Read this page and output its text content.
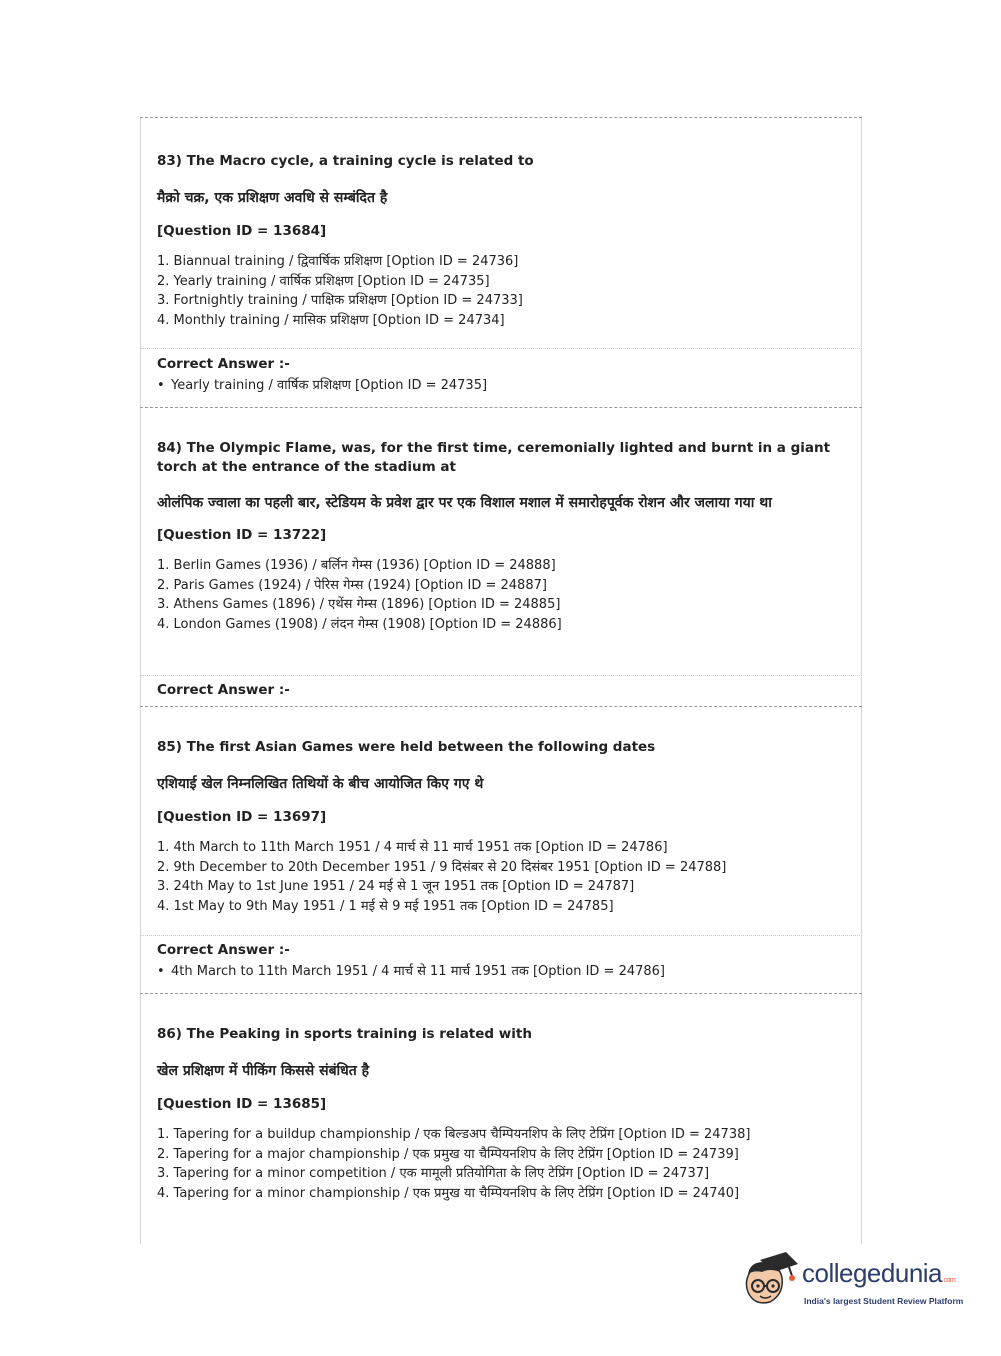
83) The Macro cycle, a training cycle is related to

मैक्रो चक्र, एक प्रशिक्षण अवधि से सम्बंदित है

[Question ID = 13684]

1. Biannual training / द्विवार्षिक प्रशिक्षण [Option ID = 24736]
2. Yearly training / वार्षिक प्रशिक्षण [Option ID = 24735]
3. Fortnightly training / पाक्षिक प्रशिक्षण [Option ID = 24733]
4. Monthly training / मासिक प्रशिक्षण [Option ID = 24734]

Correct Answer :-

• Yearly training / वार्षिक प्रशिक्षण [Option ID = 24735]

84) The Olympic Flame, was, for the first time, ceremonially lighted and burnt in a giant torch at the entrance of the stadium at

ओलंपिक ज्वाला का पहली बार, स्टेडियम के प्रवेश द्वार पर एक विशाल मशाल में समारोहपूर्वक रोशन और जलाया गया था

[Question ID = 13722]

1. Berlin Games (1936) / बर्लिन गेम्स (1936) [Option ID = 24888]
2. Paris Games (1924) / पेरिस गेम्स (1924) [Option ID = 24887]
3. Athens Games (1896) / एथेंस गेम्स (1896) [Option ID = 24885]
4. London Games (1908) / लंदन गेम्स (1908) [Option ID = 24886]

Correct Answer :-

85) The first Asian Games were held between the following dates

एशियाई खेल निम्नलिखित तिथियों के बीच आयोजित किए गए थे

[Question ID = 13697]

1. 4th March to 11th March 1951 / 4 मार्च से 11 मार्च 1951 तक [Option ID = 24786]
2. 9th December to 20th December 1951 / 9 दिसंबर से 20 दिसंबर 1951 [Option ID = 24788]
3. 24th May to 1st June 1951 / 24 मई से 1 जून 1951 तक [Option ID = 24787]
4. 1st May to 9th May 1951 / 1 मई से 9 मई 1951 तक [Option ID = 24785]

Correct Answer :-

• 4th March to 11th March 1951 / 4 मार्च से 11 मार्च 1951 तक [Option ID = 24786]

86) The Peaking in sports training is related with

खेल प्रशिक्षण में पीकिंग किससे संबंधित है

[Question ID = 13685]

1. Tapering for a buildup championship / एक बिल्डअप चैम्पियनशिप के लिए टेप्रिंग [Option ID = 24738]
2. Tapering for a major championship / एक प्रमुख या चैम्पियनशिप के लिए टेप्रिंग [Option ID = 24739]
3. Tapering for a minor competition / एक मामूली प्रतियोगिता के लिए टेप्रिंग [Option ID = 24737]
4. Tapering for a minor championship / एक प्रमुख या चैम्पियनशिप के लिए टेप्रिंग [Option ID = 24740]
collegedunia.com
India's largest Student Review Platform
